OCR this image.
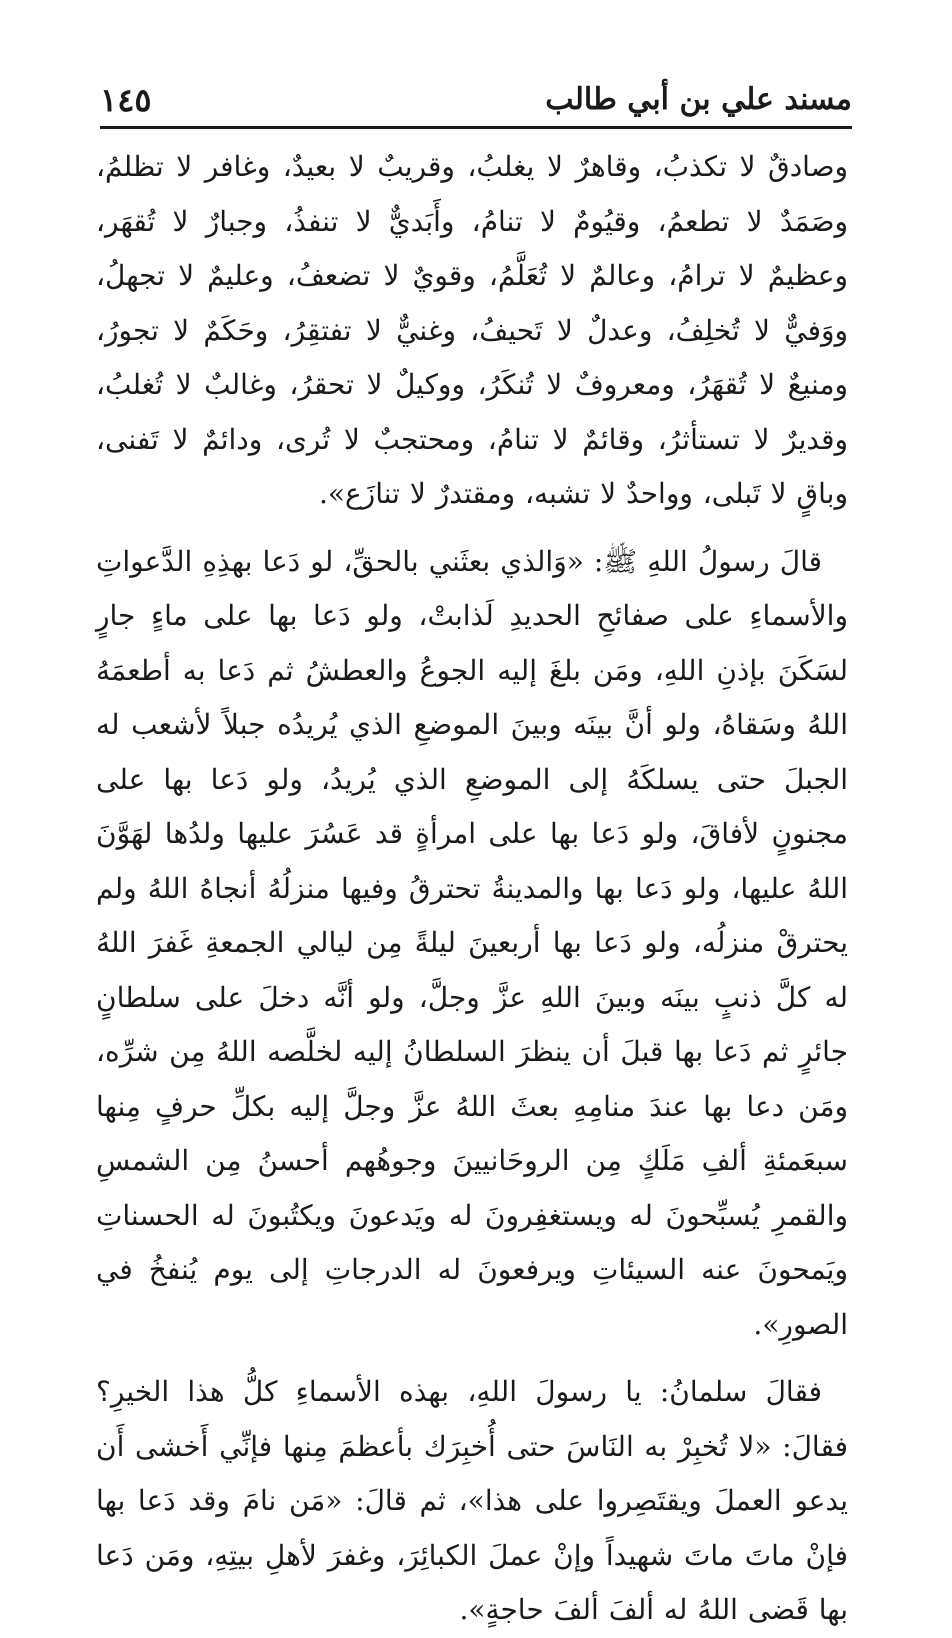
مسند علي بن أبي طالب
١٤٥

وصادقٌ لا تكذبُ، وقاهرٌ لا يغلبُ، وقريبٌ لا بعيدٌ، وغافر لا تظلمُ، وصَمَدٌ لا تطعمُ، وقيُومٌ لا تنامُ، وأَبَديٌّ لا تنفذُ، وجبارٌ لا تُقهَر، وعظيمٌ لا ترامُ، وعالمٌ لا تُعَلَّمُ، وقويٌ لا تضعفُ، وعليمٌ لا تجهلُ، ووَفيٌّ لا تُخلِفُ، وعدلٌ لا تَحيفُ، وغنيٌّ لا تفتقِرُ، وحَكَمٌ لا تجورُ، ومنيعٌ لا تُقهَرُ، ومعروفٌ لا تُنكَرُ، ووكيلٌ لا تحقرُ، وغالبٌ لا تُغلبُ، وقديرٌ لا تستأثرُ، وقائمٌ لا تنامُ، ومحتجبٌ لا تُرى، ودائمٌ لا تَفنى، وباقٍ لا تَبلى، وواحدٌ لا تشبه، ومقتدرٌ لا تنازَع».

قالَ رسولُ اللهِ ﷺ: «وَالذي بعثَني بالحقِّ، لو دَعا بهذِهِ الدَّعواتِ والأسماءِ على صفائحِ الحديدِ لَذابتْ، ولو دَعا بها على ماءٍ جارٍ لسَكَنَ بإذنِ اللهِ، ومَن بلغَ إليه الجوعُ والعطشُ ثم دَعا به أطعمَهُ اللهُ وسَقاهُ، ولو أنَّ بينَه وبينَ الموضعِ الذي يُريدُه جبلاً لأشعب له الجبلَ حتى يسلكَهُ إلى الموضعِ الذي يُريدُ، ولو دَعا بها على مجنونٍ لأفاقَ، ولو دَعا بها على امرأةٍ قد عَسُرَ عليها ولدُها لهَوَّنَ اللهُ عليها، ولو دَعا بها والمدينةُ تحترقُ وفيها منزلُهُ أنجاهُ اللهُ ولم يحترقْ منزلُه، ولو دَعا بها أربعينَ ليلةً مِن ليالي الجمعةِ غَفرَ اللهُ له كلَّ ذنبٍ بينَه وبينَ اللهِ عزَّ وجلَّ، ولو أنَّه دخلَ على سلطانٍ جائرٍ ثم دَعا بها قبلَ أن ينظرَ السلطانُ إليه لخلَّصه اللهُ مِن شرِّه، ومَن دعا بها عندَ منامِهِ بعثَ اللهُ عزَّ وجلَّ إليه بكلِّ حرفٍ مِنها سبعَمئةِ ألفِ مَلَكٍ مِن الروحَانيينَ وجوهُهم أحسنُ مِن الشمسِ والقمرِ يُسبِّحونَ له ويستغفِرونَ له ويَدعونَ ويكتُبونَ له الحسناتِ ويَمحونَ عنه السيئاتِ ويرفعونَ له الدرجاتِ إلى يوم يُنفخُ في الصورِ».

فقالَ سلمانُ: يا رسولَ اللهِ، بهذه الأسماءِ كلُّ هذا الخيرِ؟ فقالَ: «لا تُخبِرْ به النَاسَ حتى أُخبِرَك بأعظمَ مِنها فإنِّي أَخشى أَن يدعو العملَ ويقتَصِروا على هذا»، ثم قالَ: «مَن نامَ وقد دَعا بها فإنْ ماتَ ماتَ شهيداً وإنْ عملَ الكبائِرَ، وغفرَ لأهلِ بيتِهِ، ومَن دَعا بها قَضى اللهُ له ألفَ ألفَ حاجةٍ».
